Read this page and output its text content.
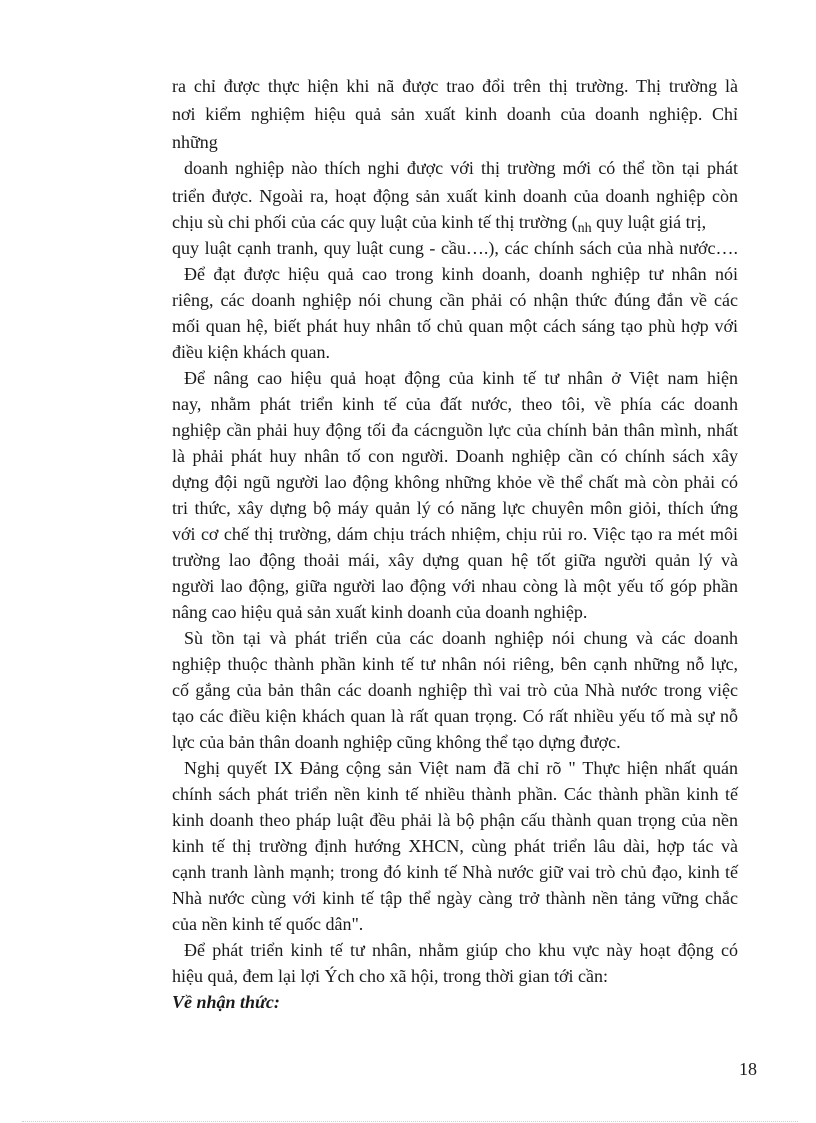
ra chỉ được thực hiện khi nã được trao đổi trên thị trường. Thị trường là
nơi kiểm nghiệm hiệu quả sản xuất kinh doanh của doanh nghiệp. Chỉ
những
doanh nghiệp nào thích nghi được với thị trường mới có thể tồn tại phát
triển được. Ngoài ra, hoạt động sản xuất kinh doanh của doanh nghiệp còn
chịu sù chi phối của các quy luật của kinh tế thị trường ($_{nh}$ quy luật giá trị,
quy luật cạnh tranh, quy luật cung - cầu….), các chính sách của nhà nước….
Để đạt được hiệu quả cao trong kinh doanh, doanh nghiệp tư nhân nói
riêng, các doanh nghiệp nói chung cần phải có nhận thức đúng đắn về các
mối quan hệ, biết phát huy nhân tố chủ quan một cách sáng tạo phù hợp với
điều kiện khách quan.
Để nâng cao hiệu quả hoạt động của kinh tế tư nhân ở Việt nam hiện
nay, nhằm phát triển kinh tế của đất nước, theo tôi, về phía các doanh
nghiệp cần phải huy động tối đa cácnguồn lực của chính bản thân mình, nhất
là phải phát huy nhân tố con người. Doanh nghiệp cần có chính sách xây
dựng đội ngũ người lao động không những khỏe về thể chất mà còn phải có
tri thức, xây dựng bộ máy quản lý có năng lực chuyên môn giỏi, thích ứng
với cơ chế thị trường, dám chịu trách nhiệm, chịu rủi ro. Việc tạo ra mét môi
trường lao động thoải mái, xây dựng quan hệ tốt giữa người quản lý và
người lao động, giữa người lao động với nhau còng là một yếu tố góp phần
nâng cao hiệu quả sản xuất kinh doanh của doanh nghiệp.
Sù tồn tại và phát triển của các doanh nghiệp nói chung và các doanh
nghiệp thuộc thành phần kinh tế tư nhân nói riêng, bên cạnh những nỗ lực,
cố gắng của bản thân các doanh nghiệp thì vai trò của Nhà nước trong việc
tạo các điều kiện khách quan là rất quan trọng. Có rất nhiều yếu tố mà sự nỗ
lực của bản thân doanh nghiệp cũng không thể tạo dựng được.
Nghị quyết IX Đảng cộng sản Việt nam đã chỉ rõ " Thực hiện nhất quán
chính sách phát triển nền kinh tế nhiều thành phần. Các thành phần kinh tế
kinh doanh theo pháp luật đều phải là bộ phận cấu thành quan trọng của nền
kinh tế thị trường định hướng XHCN, cùng phát triển lâu dài, hợp tác và
cạnh tranh lành mạnh; trong đó kinh tế Nhà nước giữ vai trò chủ đạo, kinh tế
Nhà nước cùng với kinh tế tập thể ngày càng trở thành nền tảng vững chắc
của nền kinh tế quốc dân".
Để phát triển kinh tế tư nhân, nhằm giúp cho khu vực này hoạt động có
hiệu quả, đem lại lợi Ých cho xã hội, trong thời gian tới cần:
Về nhận thức:
18
